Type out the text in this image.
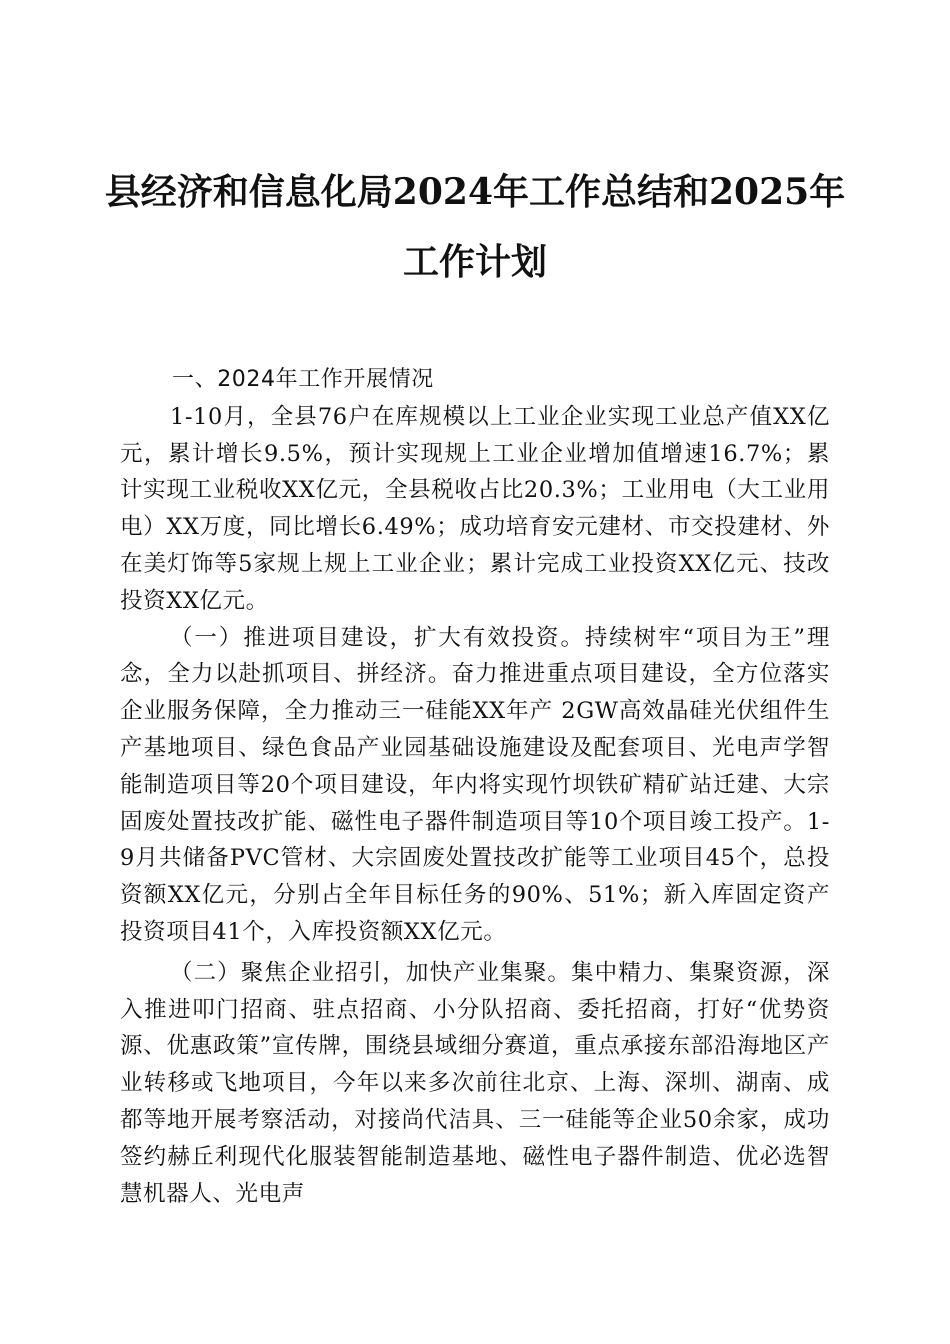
县经济和信息化局2024年工作总结和2025年
工作计划

一、2024年工作开展情况

1-10月，全县76户在库规模以上工业企业实现工业总产值XX亿元，累计增长9.5%，预计实现规上工业企业增加值增速16.7%；累计实现工业税收XX亿元，全县税收占比20.3%；工业用电（大工业用电）XX万度，同比增长6.49%；成功培育安元建材、市交投建材、外在美灯饰等5家规上规上工业企业；累计完成工业投资XX亿元、技改投资XX亿元。

（一）推进项目建设，扩大有效投资。持续树牢“项目为王”理念，全力以赴抓项目、拼经济。奋力推进重点项目建设，全方位落实企业服务保障，全力推动三一硅能XX年产 2GW高效晶硅光伏组件生产基地项目、绿色食品产业园基础设施建设及配套项目、光电声学智能制造项目等20个项目建设，年内将实现竹坝铁矿精矿站迁建、大宗固废处置技改扩能、磁性电子器件制造项目等10个项目竣工投产。1-9月共储备PVC管材、大宗固废处置技改扩能等工业项目45个，总投资额XX亿元，分别占全年目标任务的90%、51%；新入库固定资产投资项目41个，入库投资额XX亿元。

（二）聚焦企业招引，加快产业集聚。集中精力、集聚资源，深入推进叩门招商、驻点招商、小分队招商、委托招商，打好“优势资源、优惠政策”宣传牌，围绕县域细分赛道，重点承接东部沿海地区产业转移或飞地项目，今年以来多次前往北京、上海、深圳、湖南、成都等地开展考察活动，对接尚代洁具、三一硅能等企业50余家，成功签约赫丘利现代化服装智能制造基地、磁性电子器件制造、优必选智慧机器人、光电声
